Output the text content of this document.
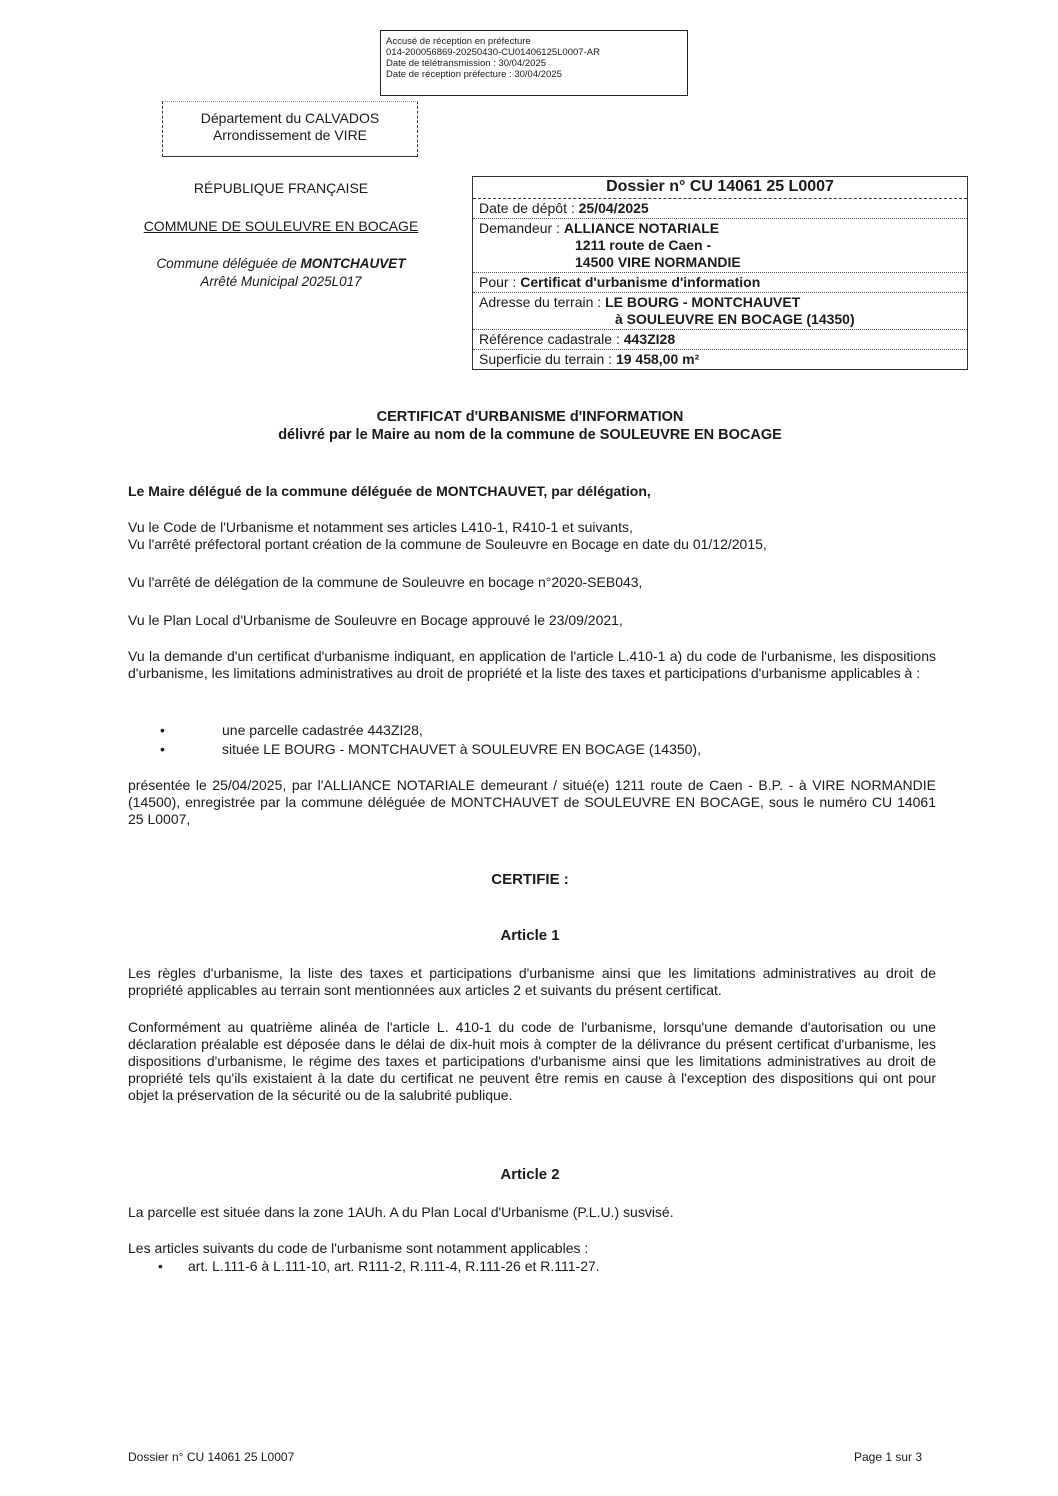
Accusé de réception en préfecture
014-200056869-20250430-CU01406125L0007-AR
Date de télétransmission : 30/04/2025
Date de réception préfecture : 30/04/2025
Département du CALVADOS
Arrondissement de VIRE
RÉPUBLIQUE FRANÇAISE
COMMUNE DE SOULEUVRE EN BOCAGE
Commune déléguée de MONTCHAUVET
Arrêté Municipal 2025L017
Dossier n° CU 14061 25 L0007
Date de dépôt : 25/04/2025
Demandeur : ALLIANCE NOTARIALE
1211 route de Caen -
14500 VIRE NORMANDIE
Pour : Certificat d'urbanisme d'information
Adresse du terrain : LE BOURG - MONTCHAUVET
à SOULEUVRE EN BOCAGE (14350)
Référence cadastrale : 443ZI28
Superficie du terrain : 19 458,00 m²
CERTIFICAT d'URBANISME d'INFORMATION
délivré par le Maire au nom de la commune de SOULEUVRE EN BOCAGE
Le Maire délégué de la commune déléguée de MONTCHAUVET, par délégation,

Vu le Code de l'Urbanisme et notamment ses articles L410-1, R410-1 et suivants,

Vu l'arrêté préfectoral portant création de la commune de Souleuvre en Bocage en date du 01/12/2015,

Vu l'arrêté de délégation de la commune de Souleuvre en bocage n°2020-SEB043,
Vu le Plan Local d'Urbanisme de Souleuvre en Bocage approuvé le 23/09/2021,
Vu la demande d'un certificat d'urbanisme indiquant, en application de l'article L.410-1 a) du code de l'urbanisme, les dispositions d'urbanisme, les limitations administratives au droit de propriété et la liste des taxes et participations d'urbanisme applicables à :
•	une parcelle cadastrée 443ZI28,
•	située LE BOURG - MONTCHAUVET à SOULEUVRE EN BOCAGE (14350),
présentée le 25/04/2025, par l'ALLIANCE NOTARIALE demeurant / situé(e) 1211 route de Caen - B.P. - à VIRE NORMANDIE (14500), enregistrée par la commune déléguée de MONTCHAUVET de SOULEUVRE EN BOCAGE, sous le numéro CU 14061 25 L0007,
CERTIFIE :
Article 1
Les règles d'urbanisme, la liste des taxes et participations d'urbanisme ainsi que les limitations administratives au droit de propriété applicables au terrain sont mentionnées aux articles 2 et suivants du présent certificat.
Conformément au quatrième alinéa de l'article L. 410-1 du code de l'urbanisme, lorsqu'une demande d'autorisation ou une déclaration préalable est déposée dans le délai de dix-huit mois à compter de la délivrance du présent certificat d'urbanisme, les dispositions d'urbanisme, le régime des taxes et participations d'urbanisme ainsi que les limitations administratives au droit de propriété tels qu'ils existaient à la date du certificat ne peuvent être remis en cause à l'exception des dispositions qui ont pour objet la préservation de la sécurité ou de la salubrité publique.
Article 2
La parcelle est située dans la zone 1AUh. A du Plan Local d'Urbanisme (P.L.U.) susvisé.
Les articles suivants du code de l'urbanisme sont notamment applicables :
• art. L.111-6 à L.111-10, art. R111-2, R.111-4, R.111-26 et R.111-27.
Dossier n° CU 14061 25 L0007	Page 1 sur 3
